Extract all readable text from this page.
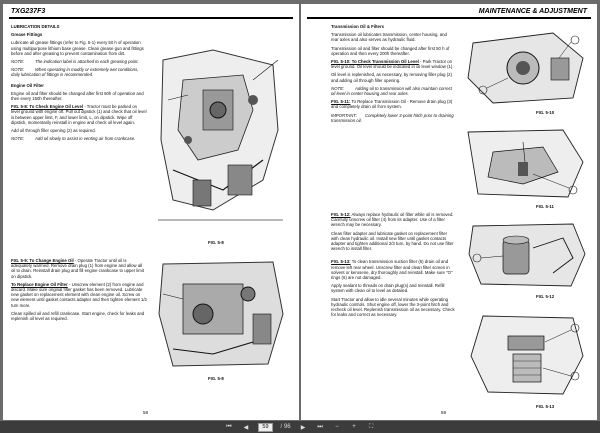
TXG237F3

LUBRICATION DETAILS

Grease Fittings

Lubricate all grease fittings (refer to Fig. 5-1) every 50 h of operation using multipurpose lithium base grease. Clean grease gun and fittings before and after greasing to prevent contamination from dirt.

NOTE:	The indication label is attached to each greasing point.

NOTE:	When operating in muddy or extremely wet conditions, daily lubrication of fittings is recommended.

Engine Oil Filter

Engine oil and filter should be changed after first 50h of operation and then every 150h thereafter.

FIG. 5-8: To Check Engine Oil Level - Tractor must be parked on level ground with engine off. Pull out dipstick (1) and check that oil level is between upper limit, F, and lower limit, L, on dipstick. Wipe off dipstick, momentarily reinstall in engine and check oil level again.

Add oil through filler opening (2) as required.

NOTE:	Add oil slowly to assist in venting air from crankcase.

FIG. 5-9: To Change Engine Oil - Operate Tractor until oil is adequately warmed. Remove drain plug (1) from engine and allow all oil to drain. Reinstall drain plug and fill engine crankcase to upper limit on dipstick.

To Replace Engine Oil Filter - Unscrew element (2) from engine and discard. Make sure original filter gasket has been removed. Lubricate new gasket on replacement element with clean engine oil. Screw on new element until gasket contacts adapter and then tighten element 1/2 turn more.

Clean spilled oil and refill crankcase. Start engine, check for leaks and replenish oil level as required.

FIG. 5-8
FIG. 5-8
58
MAINTENANCE & ADJUSTMENT

Transmission Oil & Filters

Transmission oil lubricates transmission, center housing, and rear axles and also serves as hydraulic fluid.

Transmission oil and filter should be changed after first 50 h of operation and then every 200h thereafter.

FIG. 5-10: To Check Transmission Oil Level - Park Tractor on level ground. Oil level should be indicated in oil level window (1).

Oil level is replenished, as necessary, by removing filler plug (2) and adding oil through filler opening.

NOTE:	Adding oil to transmission will also maintain correct oil level in center housing and rear axles.

FIG. 5-11: To Replace Transmission Oil - Remove drain plug (3) and completely drain oil from system.

IMPORTANT: Completely lower 3-point hitch prior to draining transmission oil.

FIG. 5-12: Always replace hydraulic oil filter while oil is removed. Carefully unscrew oil filter (4) from its adapter. Use of a filter wrench may be necessary.

Clean filter adapter and lubricate gasket on replacement filter with clean hydraulic oil. Install new filter until gasket contacts adapter and tighten additional 2/3 turn, by hand. Do not use filter wrench to install filter.

FIG. 5-13: To clean transmission suction filter (5) drain oil and remove left rear wheel. Unscrew filter and clean filter screen in solvent or kerosene, dry thoroughly and reinstall. Make sure "O" rings (6) are not damaged.

Apply sealant to threads on drain plug(s) and reinstall. Refill system with clean oil to level as detailed.

Start Tractor and allow to idle several minutes while operating hydraulic controls. Shut engine off, lower the 3-point hitch and recheck oil level. Replenish transmission oil as necessary. Check for leaks and correct as necessary.

FIG. 5-10
FIG. 5-11
FIG. 5-12
FIG. 5-13
59
⏮	◀	59	/ 96	▶	⏭	−	+	⛶
